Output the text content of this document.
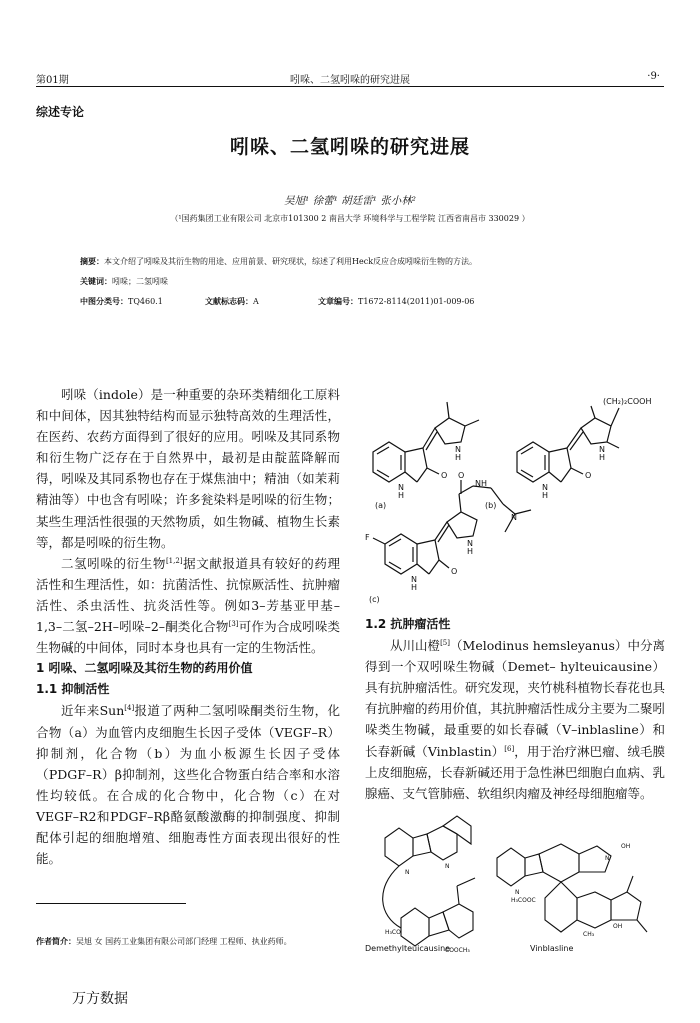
第01期	吲哚、二氢吲哚的研究进展	·9·
综述专论
吲哚、二氢吲哚的研究进展
吴旭¹ 徐蕾¹ 胡廷雷¹ 张小林²
（¹国药集团工业有限公司 北京市101300 2 南昌大学 环境科学与工程学院 江西省南昌市 330029 ）
摘要：本文介绍了吲哚及其衍生物的用途、应用前景、研究现状，综述了利用Heck反应合成吲哚衍生物的方法。
关键词：吲哚；二氢吲哚
中图分类号：TQ460.1	文献标志码：A	文章编号：T1672-8114(2011)01-009-06

吲哚（indole）是一种重要的杂环类精细化工原料和中间体，因其独特结构而显示独特高效的生理活性，在医药、农药方面得到了很好的应用。吲哚及其同系物和衍生物广泛存在于自然界中，最初是由靛蓝降解而得，吲哚及其同系物也存在于煤焦油中；精油（如茉莉精油等）中也含有吲哚；许多瓮染料是吲哚的衍生物；某些生理活性很强的天然物质，如生物碱、植物生长素等，都是吲哚的衍生物。

二氢吲哚的衍生物[1,2]据文献报道具有较好的药理活性和生理活性，如：抗菌活性、抗惊厥活性、抗肿瘤活性、杀虫活性、抗炎活性等。例如3–芳基亚甲基–1,3–二氢–2H–吲哚–2–酮类化合物[3]可作为合成吲哚类生物碱的中间体，同时本身也具有一定的生物活性。

1 吲哚、二氢吲哚及其衍生物的药用价值
1.1 抑制活性

近年来Sun[4]报道了两种二氢吲哚酮类衍生物，化合物（a）为血管内皮细胞生长因子受体（VEGF–R）抑制剂，化合物（b）为血小板源生长因子受体（PDGF–R）β抑制剂，这些化合物蛋白结合率和水溶性均较低。在合成的化合物中，化合物（c）在对VEGF–R2和PDGF–Rβ酪氨酸激酶的抑制强度、抑制配体引起的细胞增殖、细胞毒性方面表现出很好的性能。

1.2 抗肿瘤活性

从川山橙[5]（Melodinus hemsleyanus）中分离得到一个双吲哚生物碱（Demet– hylteuicausine）具有抗肿瘤活性。研究发现，夹竹桃科植物长春花也具有抗肿瘤的药用价值，其抗肿瘤活性成分主要为二聚吲哚类生物碱，最重要的如长春碱（V–inblasline）和长春新碱（Vinblastin）[6]，用于治疗淋巴瘤、绒毛膜上皮细胞癌，长春新碱还用于急性淋巴细胞白血病、乳腺癌、支气管肺癌、软组织肉瘤及神经母细胞瘤等。

N
H
O
N
H
N
H
O
N
H
(CH₂)₂COOH
F
N
H
O
N
H
O
NH
N
(a)	(b)
(c)
N
N
H₃CO
COOCH₃
N
H₃COOC
N
OH
CH₃
OH
Demethylteuicausine	Vinblasline
作者简介：吴旭 女 国药工业集团有限公司部门经理 工程师、执业药师。
万方数据
